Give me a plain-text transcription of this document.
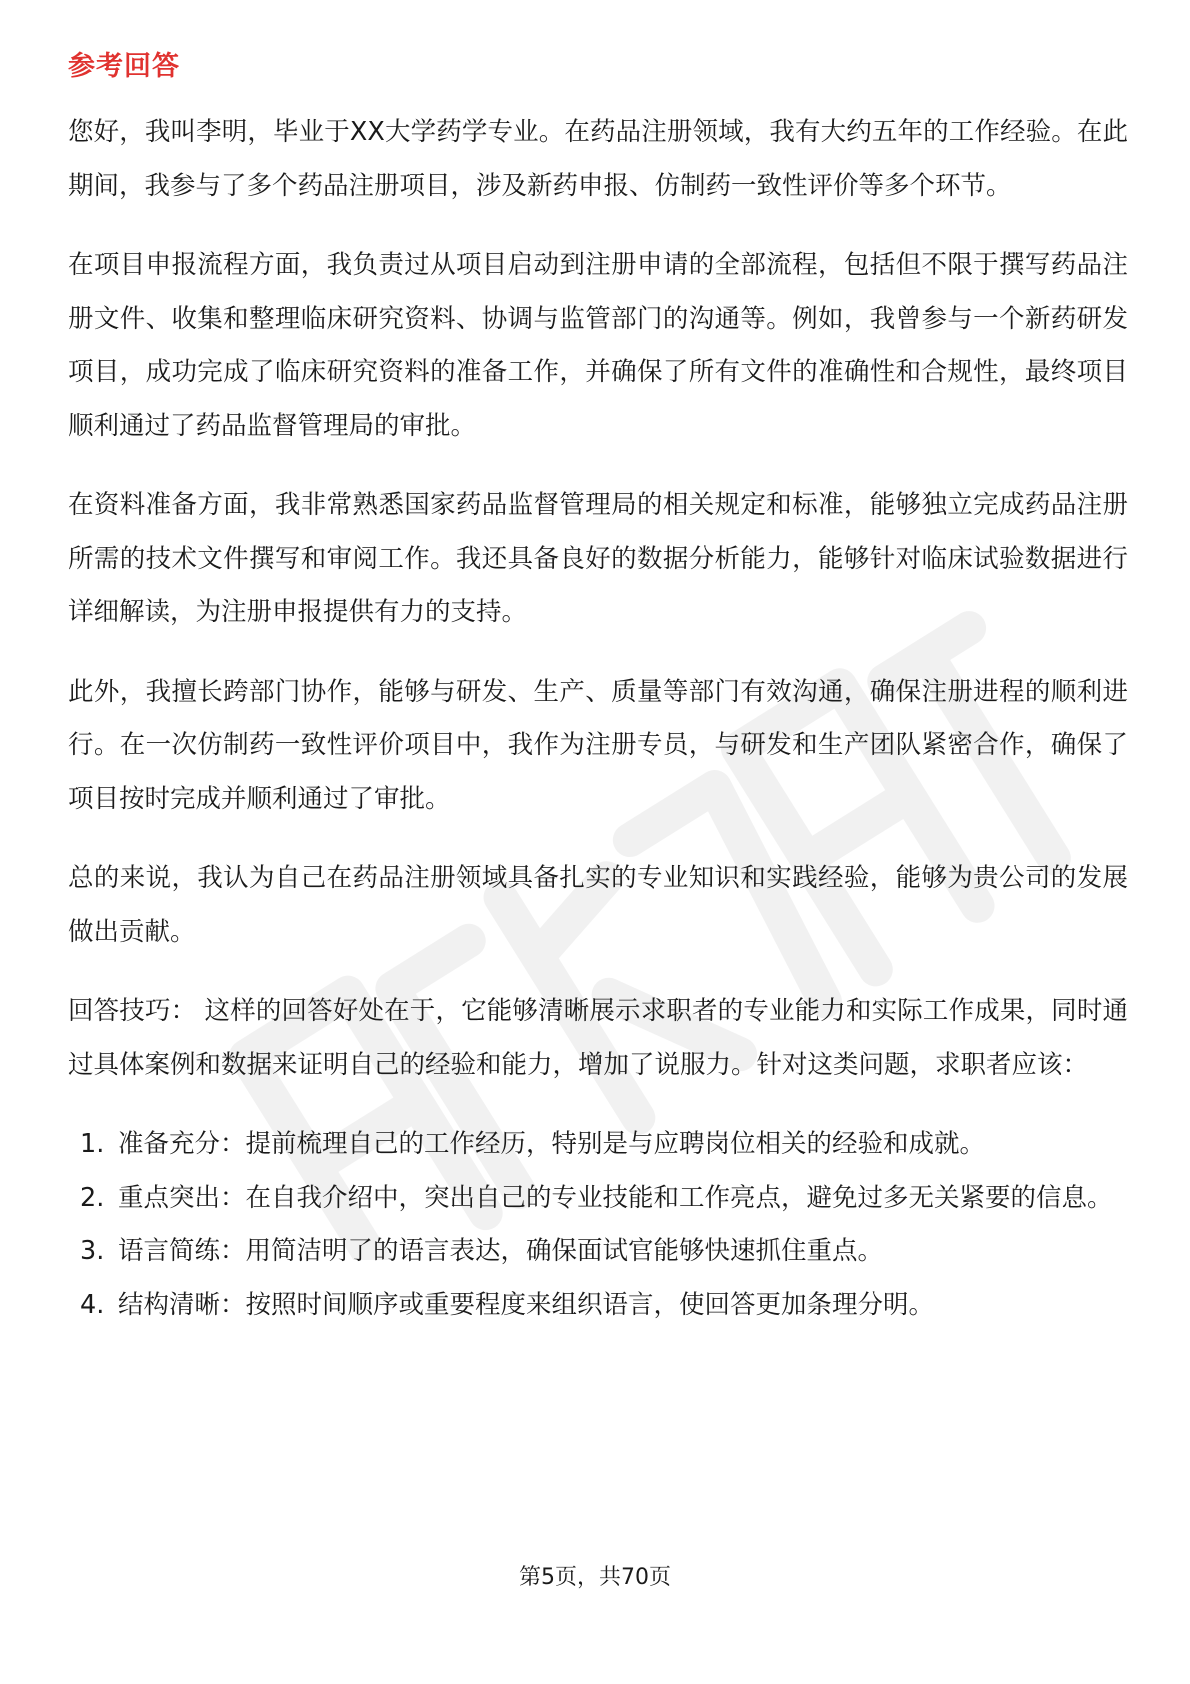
参考回答

您好，我叫李明，毕业于XX大学药学专业。在药品注册领域，我有大约五年的工作经验。在此期间，我参与了多个药品注册项目，涉及新药申报、仿制药一致性评价等多个环节。

在项目申报流程方面，我负责过从项目启动到注册申请的全部流程，包括但不限于撰写药品注册文件、收集和整理临床研究资料、协调与监管部门的沟通等。例如，我曾参与一个新药研发项目，成功完成了临床研究资料的准备工作，并确保了所有文件的准确性和合规性，最终项目顺利通过了药品监督管理局的审批。

在资料准备方面，我非常熟悉国家药品监督管理局的相关规定和标准，能够独立完成药品注册所需的技术文件撰写和审阅工作。我还具备良好的数据分析能力，能够针对临床试验数据进行详细解读，为注册申报提供有力的支持。

此外，我擅长跨部门协作，能够与研发、生产、质量等部门有效沟通，确保注册进程的顺利进行。在一次仿制药一致性评价项目中，我作为注册专员，与研发和生产团队紧密合作，确保了项目按时完成并顺利通过了审批。

总的来说，我认为自己在药品注册领域具备扎实的专业知识和实践经验，能够为贵公司的发展做出贡献。

回答技巧： 这样的回答好处在于，它能够清晰展示求职者的专业能力和实际工作成果，同时通过具体案例和数据来证明自己的经验和能力，增加了说服力。针对这类问题，求职者应该：

1. 准备充分：提前梳理自己的工作经历，特别是与应聘岗位相关的经验和成就。
2. 重点突出：在自我介绍中，突出自己的专业技能和工作亮点，避免过多无关紧要的信息。
3. 语言简练：用简洁明了的语言表达，确保面试官能够快速抓住重点。
4. 结构清晰：按照时间顺序或重要程度来组织语言，使回答更加条理分明。
第5页，共70页
